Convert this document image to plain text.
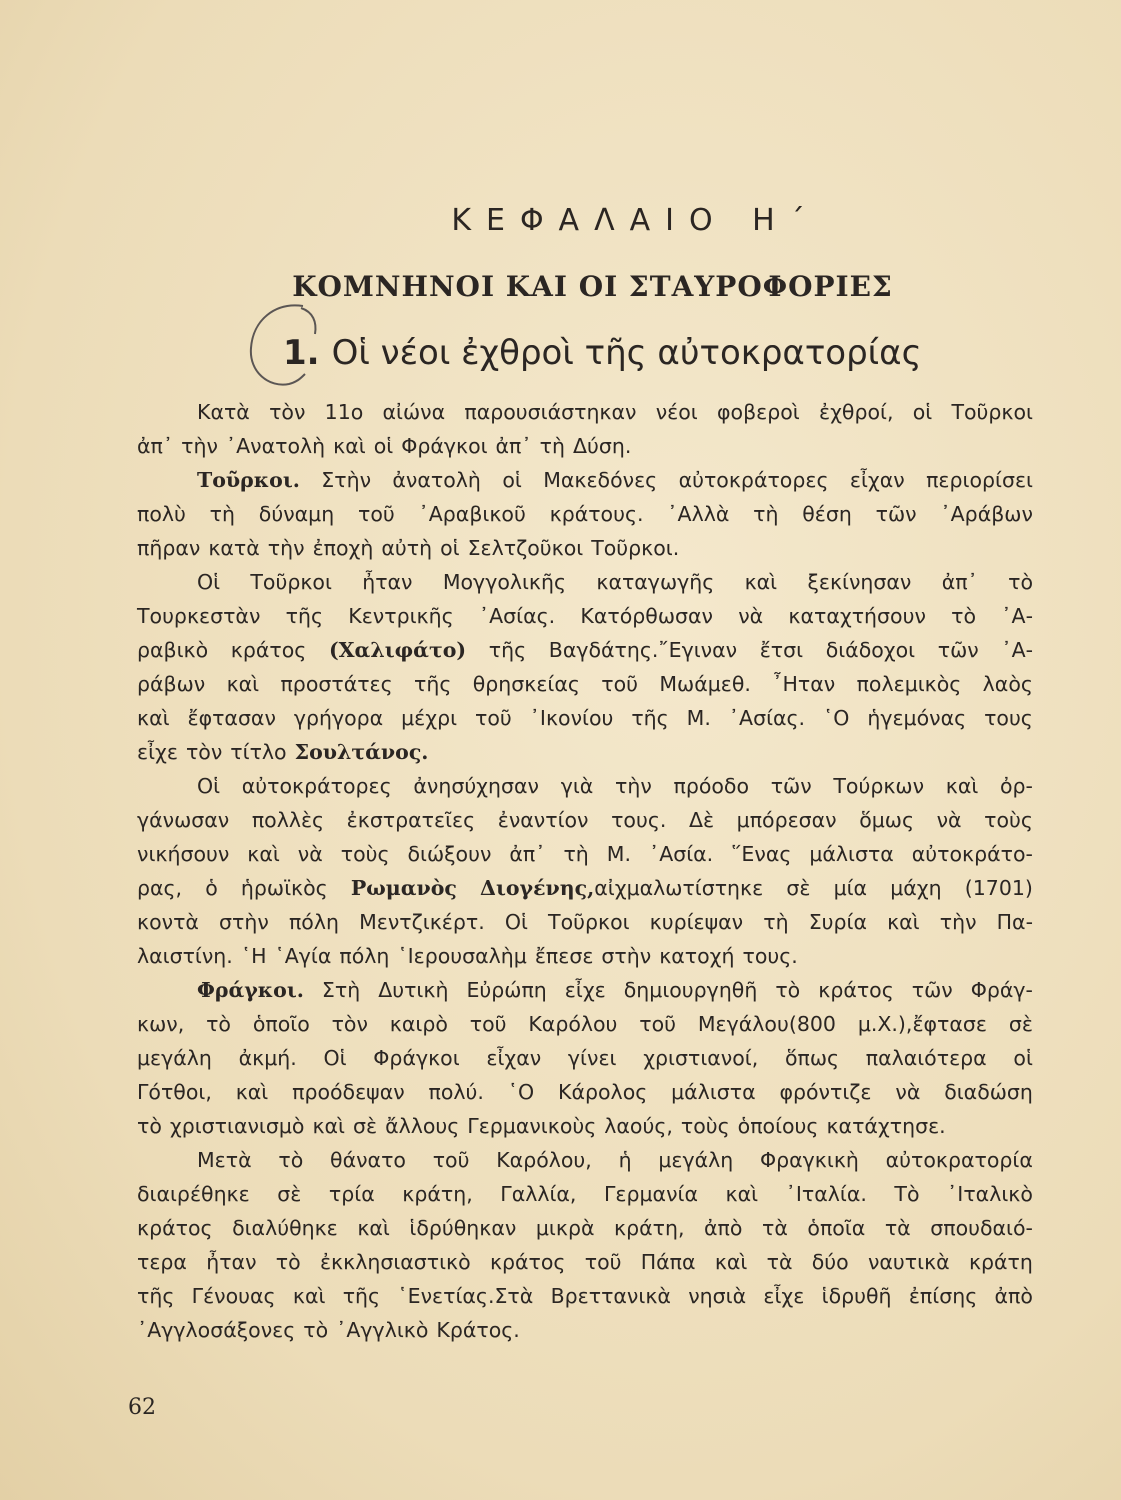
ΚΕΦΑΛΑΙΟ Η΄
ΚΟΜΝΗΝΟΙ ΚΑΙ ΟΙ ΣΤΑΥΡΟΦΟΡΙΕΣ
1. Οἱ νέοι ἐχθροὶ τῆς αὐτοκρατορίας
Κατὰ τὸν 11ο αἰώνα παρουσιάστηκαν νέοι φοβεροὶ ἐχθροί, οἱ Τοῦρκοι
ἀπ᾿ τὴν ᾿Ανατολὴ καὶ οἱ Φράγκοι ἀπ᾿ τὴ Δύση.
Τοῦρκοι. Στὴν ἀνατολὴ οἱ Μακεδόνες αὐτοκράτορες εἶχαν περιορίσει
πολὺ τὴ δύναμη τοῦ ᾿Αραβικοῦ κράτους. ᾿Αλλὰ τὴ θέση τῶν ᾿Αράβων
πῆραν κατὰ τὴν ἐποχὴ αὐτὴ οἱ Σελτζοῦκοι Τοῦρκοι.
Οἱ Τοῦρκοι ἦταν Μογγολικῆς καταγωγῆς καὶ ξεκίνησαν ἀπ᾿ τὸ
Τουρκεστὰν τῆς Κεντρικῆς ᾿Ασίας. Κατόρθωσαν νὰ καταχτήσουν τὸ ᾿Α-
ραβικὸ κράτος (Χαλιφάτο) τῆς Βαγδάτης.῎Εγιναν ἔτσι διάδοχοι τῶν ᾿Α-
ράβων καὶ προστάτες τῆς θρησκείας τοῦ Μωάμεθ. ῏Ηταν πολεμικὸς λαὸς
καὶ ἔφτασαν γρήγορα μέχρι τοῦ ᾿Ικονίου τῆς Μ. ᾿Ασίας. ῾Ο ἡγεμόνας τους
εἶχε τὸν τίτλο Σουλτάνος.
Οἱ αὐτοκράτορες ἀνησύχησαν γιὰ τὴν πρόοδο τῶν Τούρκων καὶ ὀρ-
γάνωσαν πολλὲς ἐκστρατεῖες ἐναντίον τους. Δὲ μπόρεσαν ὅμως νὰ τοὺς
νικήσουν καὶ νὰ τοὺς διώξουν ἀπ᾿ τὴ Μ. ᾿Ασία. ῞Ενας μάλιστα αὐτοκράτο-
ρας, ὁ ἡρωϊκὸς Ρωμανὸς Διογένης,αἰχμαλωτίστηκε σὲ μία μάχη (1701)
κοντὰ στὴν πόλη Μεντζικέρτ. Οἱ Τοῦρκοι κυρίεψαν τὴ Συρία καὶ τὴν Πα-
λαιστίνη. ῾Η ῾Αγία πόλη ῾Ιερουσαλὴμ ἔπεσε στὴν κατοχή τους.
Φράγκοι. Στὴ Δυτικὴ Εὐρώπη εἶχε δημιουργηθῆ τὸ κράτος τῶν Φράγ-
κων, τὸ ὁποῖο τὸν καιρὸ τοῦ Καρόλου τοῦ Μεγάλου(800 μ.Χ.),ἔφτασε σὲ
μεγάλη ἀκμή. Οἱ Φράγκοι εἶχαν γίνει χριστιανοί, ὅπως παλαιότερα οἱ
Γότθοι, καὶ προόδεψαν πολύ. ῾Ο Κάρολος μάλιστα φρόντιζε νὰ διαδώση
τὸ χριστιανισμὸ καὶ σὲ ἄλλους Γερμανικοὺς λαούς, τοὺς ὁποίους κατάχτησε.
Μετὰ τὸ θάνατο τοῦ Καρόλου, ἡ μεγάλη Φραγκικὴ αὐτοκρατορία
διαιρέθηκε σὲ τρία κράτη, Γαλλία, Γερμανία καὶ ᾿Ιταλία. Τὸ ᾿Ιταλικὸ
κράτος διαλύθηκε καὶ ἱδρύθηκαν μικρὰ κράτη, ἀπὸ τὰ ὁποῖα τὰ σπουδαιό-
τερα ἦταν τὸ ἐκκλησιαστικὸ κράτος τοῦ Πάπα καὶ τὰ δύο ναυτικὰ κράτη
τῆς Γένουας καὶ τῆς ῾Ενετίας.Στὰ Βρεττανικὰ νησιὰ εἶχε ἱδρυθῆ ἐπίσης ἀπὸ
᾿Αγγλοσάξονες τὸ ᾿Αγγλικὸ Κράτος.
62
